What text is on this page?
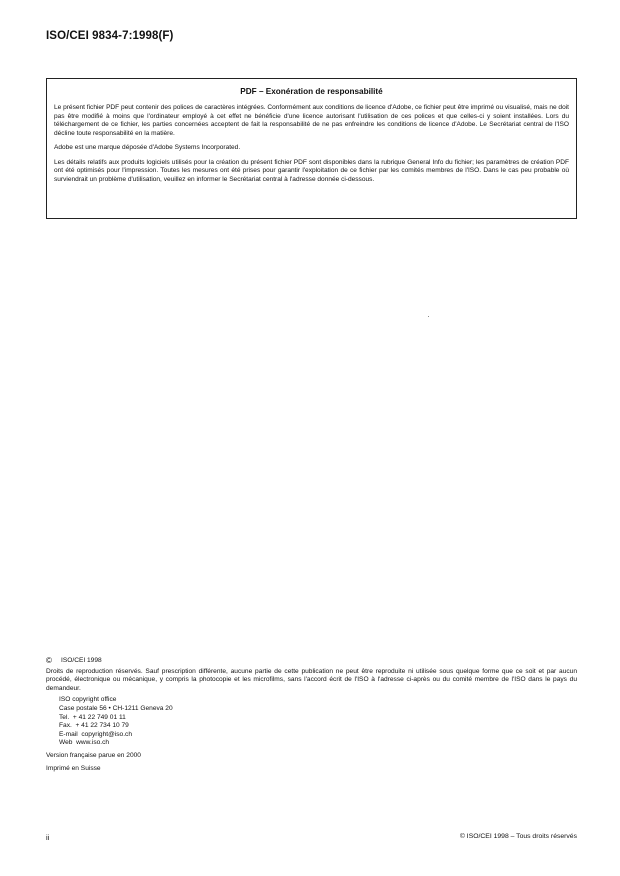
ISO/CEI 9834-7:1998(F)
PDF – Exonération de responsabilité

Le présent fichier PDF peut contenir des polices de caractères intégrées. Conformément aux conditions de licence d'Adobe, ce fichier peut être imprimé ou visualisé, mais ne doit pas être modifié à moins que l'ordinateur employé à cet effet ne bénéficie d'une licence autorisant l'utilisation de ces polices et que celles-ci y soient installées. Lors du téléchargement de ce fichier, les parties concernées acceptent de fait la responsabilité de ne pas enfreindre les conditions de licence d'Adobe. Le Secrétariat central de l'ISO décline toute responsabilité en la matière.

Adobe est une marque déposée d'Adobe Systems Incorporated.

Les détails relatifs aux produits logiciels utilisés pour la création du présent fichier PDF sont disponibles dans la rubrique General Info du fichier; les paramètres de création PDF ont été optimisés pour l'impression. Toutes les mesures ont été prises pour garantir l'exploitation de ce fichier par les comités membres de l'ISO. Dans le cas peu probable où surviendrait un problème d'utilisation, veuillez en informer le Secrétariat central à l'adresse donnée ci-dessous.

©	ISO/CEI 1998

Droits de reproduction réservés. Sauf prescription différente, aucune partie de cette publication ne peut être reproduite ni utilisée sous quelque forme que ce soit et par aucun procédé, électronique ou mécanique, y compris la photocopie et les microfilms, sans l'accord écrit de l'ISO à l'adresse ci-après ou du comité membre de l'ISO dans le pays du demandeur.

ISO copyright office
Case postale 56 • CH-1211 Geneva 20
Tel.  + 41 22 749 01 11
Fax.  + 41 22 734 10 79
E-mail  copyright@iso.ch
Web  www.iso.ch

Version française parue en 2000

Imprimé en Suisse

ii	© ISO/CEI 1998 – Tous droits réservés
